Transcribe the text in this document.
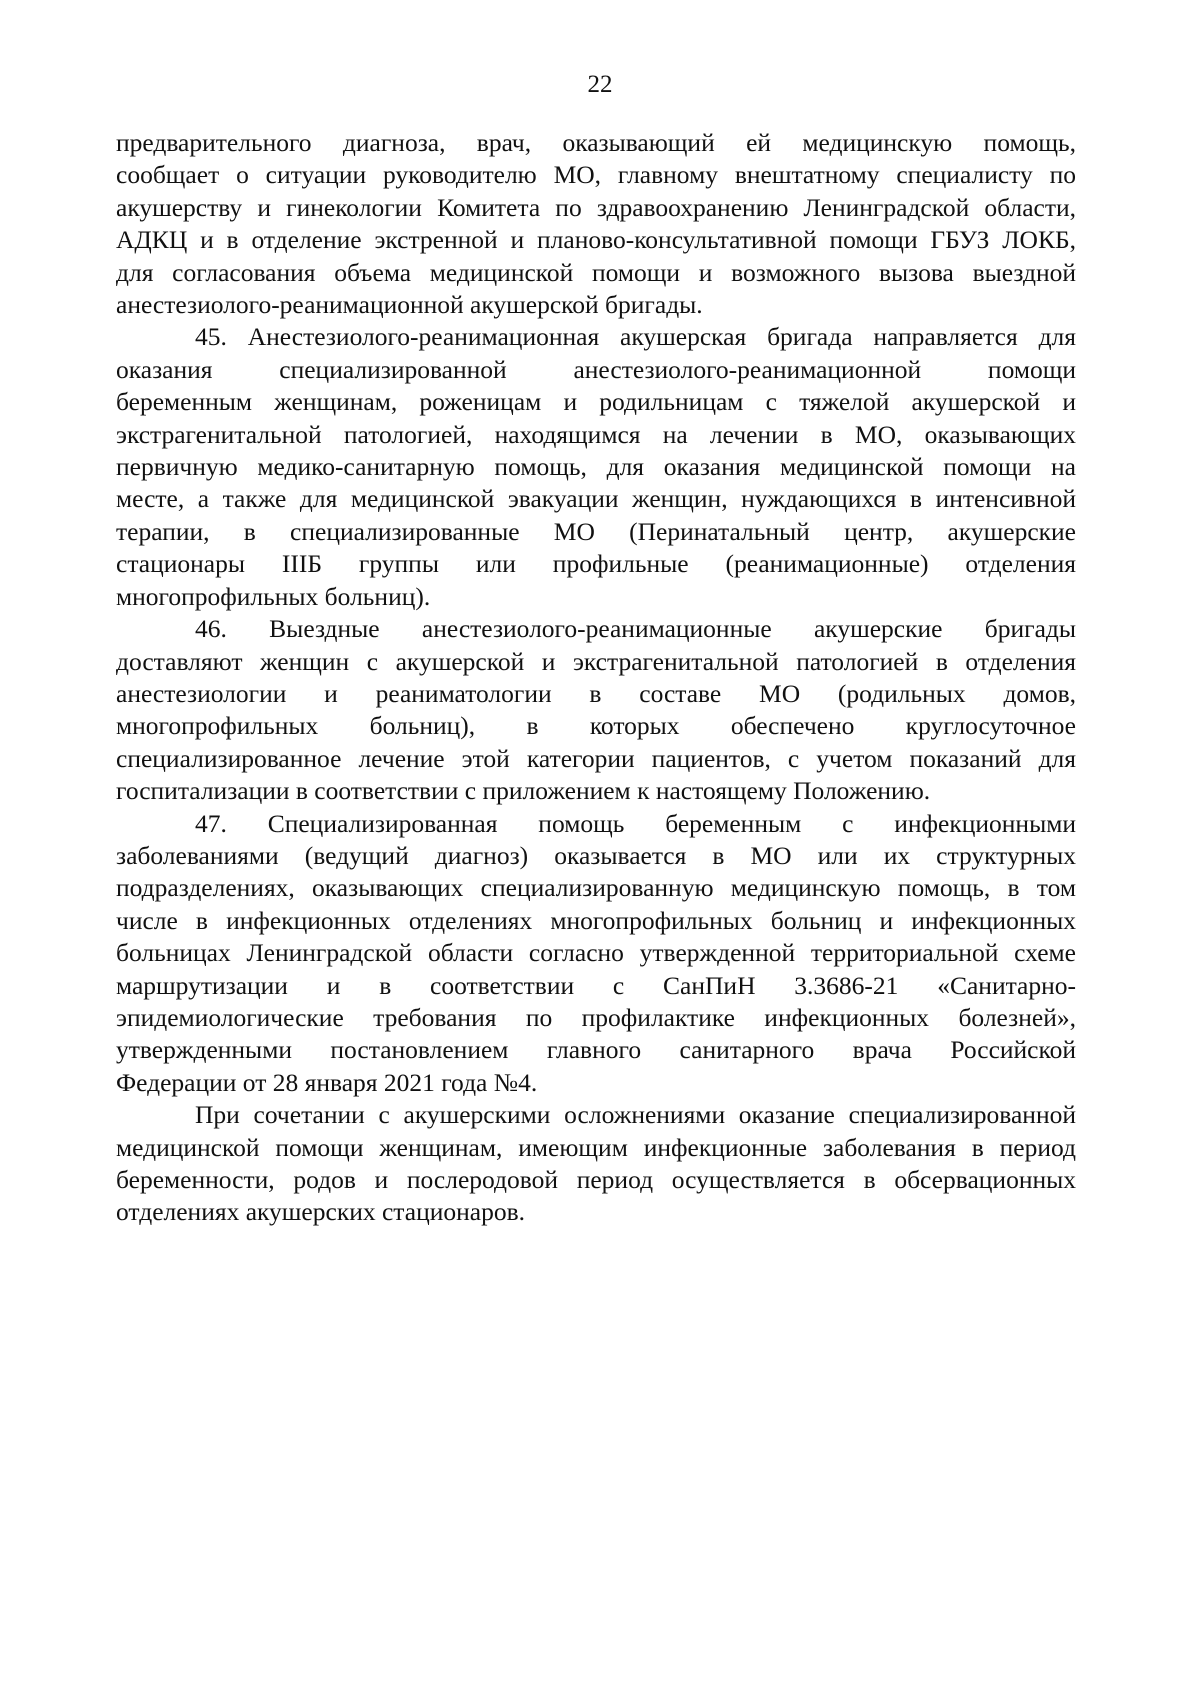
22
предварительного диагноза, врач, оказывающий ей медицинскую помощь,
сообщает о ситуации руководителю МО, главному внештатному специалисту по
акушерству и гинекологии Комитета по здравоохранению Ленинградской области,
АДКЦ и в отделение экстренной и планово-консультативной помощи ГБУЗ ЛОКБ,
для согласования объема медицинской помощи и возможного вызова выездной
анестезиолого-реанимационной акушерской бригады.
45. Анестезиолого-реанимационная акушерская бригада направляется для
оказания специализированной анестезиолого-реанимационной помощи
беременным женщинам, роженицам и родильницам с тяжелой акушерской и
экстрагенитальной патологией, находящимся на лечении в МО, оказывающих
первичную медико-санитарную помощь, для оказания медицинской помощи на
месте, а также для медицинской эвакуации женщин, нуждающихся в интенсивной
терапии, в специализированные МО (Перинатальный центр, акушерские
стационары IIIБ группы или профильные (реанимационные) отделения
многопрофильных больниц).
46. Выездные анестезиолого-реанимационные акушерские бригады
доставляют женщин с акушерской и экстрагенитальной патологией в отделения
анестезиологии и реаниматологии в составе МО (родильных домов,
многопрофильных больниц), в которых обеспечено круглосуточное
специализированное лечение этой категории пациентов, с учетом показаний для
госпитализации в соответствии с приложением к настоящему Положению.
47. Специализированная помощь беременным с инфекционными
заболеваниями (ведущий диагноз) оказывается в МО или их структурных
подразделениях, оказывающих специализированную медицинскую помощь, в том
числе в инфекционных отделениях многопрофильных больниц и инфекционных
больницах Ленинградской области согласно утвержденной территориальной схеме
маршрутизации и в соответствии с СанПиН 3.3686-21 «Санитарно-
эпидемиологические требования по профилактике инфекционных болезней»,
утвержденными постановлением главного санитарного врача Российской
Федерации от 28 января 2021 года №4.
При сочетании с акушерскими осложнениями оказание специализированной
медицинской помощи женщинам, имеющим инфекционные заболевания в период
беременности, родов и послеродовой период осуществляется в обсервационных
отделениях акушерских стационаров.
